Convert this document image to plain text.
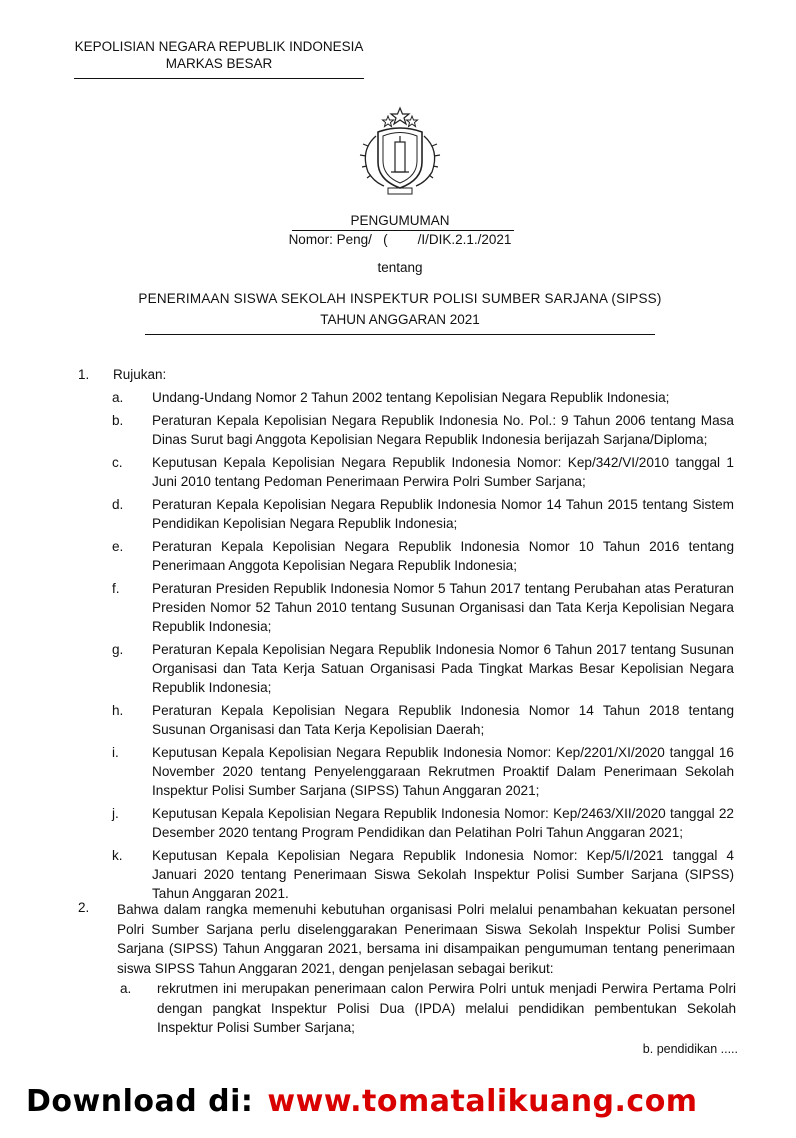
KEPOLISIAN NEGARA REPUBLIK INDONESIA
MARKAS BESAR
PENGUMUMAN
Nomor: Peng/   (        /I/DIK.2.1./2021
tentang
PENERIMAAN SISWA SEKOLAH INSPEKTUR POLISI SUMBER SARJANA (SIPSS)
TAHUN ANGGARAN 2021
1. Rujukan:
a. Undang-Undang Nomor 2 Tahun 2002 tentang Kepolisian Negara Republik Indonesia;
b. Peraturan Kepala Kepolisian Negara Republik Indonesia No. Pol.: 9 Tahun 2006 tentang Masa Dinas Surut bagi Anggota Kepolisian Negara Republik Indonesia berijazah Sarjana/Diploma;
c. Keputusan Kepala Kepolisian Negara Republik Indonesia Nomor: Kep/342/VI/2010 tanggal 1 Juni 2010 tentang Pedoman Penerimaan Perwira Polri Sumber Sarjana;
d. Peraturan Kepala Kepolisian Negara Republik Indonesia Nomor 14 Tahun 2015 tentang Sistem Pendidikan Kepolisian Negara Republik Indonesia;
e. Peraturan Kepala Kepolisian Negara Republik Indonesia Nomor 10 Tahun 2016 tentang Penerimaan Anggota Kepolisian Negara Republik Indonesia;
f. Peraturan Presiden Republik Indonesia Nomor 5 Tahun 2017 tentang Perubahan atas Peraturan Presiden Nomor 52 Tahun 2010 tentang Susunan Organisasi dan Tata Kerja Kepolisian Negara Republik Indonesia;
g. Peraturan Kepala Kepolisian Negara Republik Indonesia Nomor 6 Tahun 2017 tentang Susunan Organisasi dan Tata Kerja Satuan Organisasi Pada Tingkat Markas Besar Kepolisian Negara Republik Indonesia;
h. Peraturan Kepala Kepolisian Negara Republik Indonesia Nomor 14 Tahun 2018 tentang Susunan Organisasi dan Tata Kerja Kepolisian Daerah;
i. Keputusan Kepala Kepolisian Negara Republik Indonesia Nomor: Kep/2201/XI/2020 tanggal 16 November 2020 tentang Penyelenggaraan Rekrutmen Proaktif Dalam Penerimaan Sekolah Inspektur Polisi Sumber Sarjana (SIPSS) Tahun Anggaran 2021;
j. Keputusan Kepala Kepolisian Negara Republik Indonesia Nomor: Kep/2463/XII/2020 tanggal 22 Desember 2020 tentang Program Pendidikan dan Pelatihan Polri Tahun Anggaran 2021;
k. Keputusan Kepala Kepolisian Negara Republik Indonesia Nomor: Kep/5/I/2021 tanggal 4 Januari 2020 tentang Penerimaan Siswa Sekolah Inspektur Polisi Sumber Sarjana (SIPSS) Tahun Anggaran 2021.
2. Bahwa dalam rangka memenuhi kebutuhan organisasi Polri melalui penambahan kekuatan personel Polri Sumber Sarjana perlu diselenggarakan Penerimaan Siswa Sekolah Inspektur Polisi Sumber Sarjana (SIPSS) Tahun Anggaran 2021, bersama ini disampaikan pengumuman tentang penerimaan siswa SIPSS Tahun Anggaran 2021, dengan penjelasan sebagai berikut:

a. rekrutmen ini merupakan penerimaan calon Perwira Polri untuk menjadi Perwira Pertama Polri dengan pangkat Inspektur Polisi Dua (IPDA) melalui pendidikan pembentukan Sekolah Inspektur Polisi Sumber Sarjana;
b. pendidikan .....
Download di: www.tomatalikuang.com
